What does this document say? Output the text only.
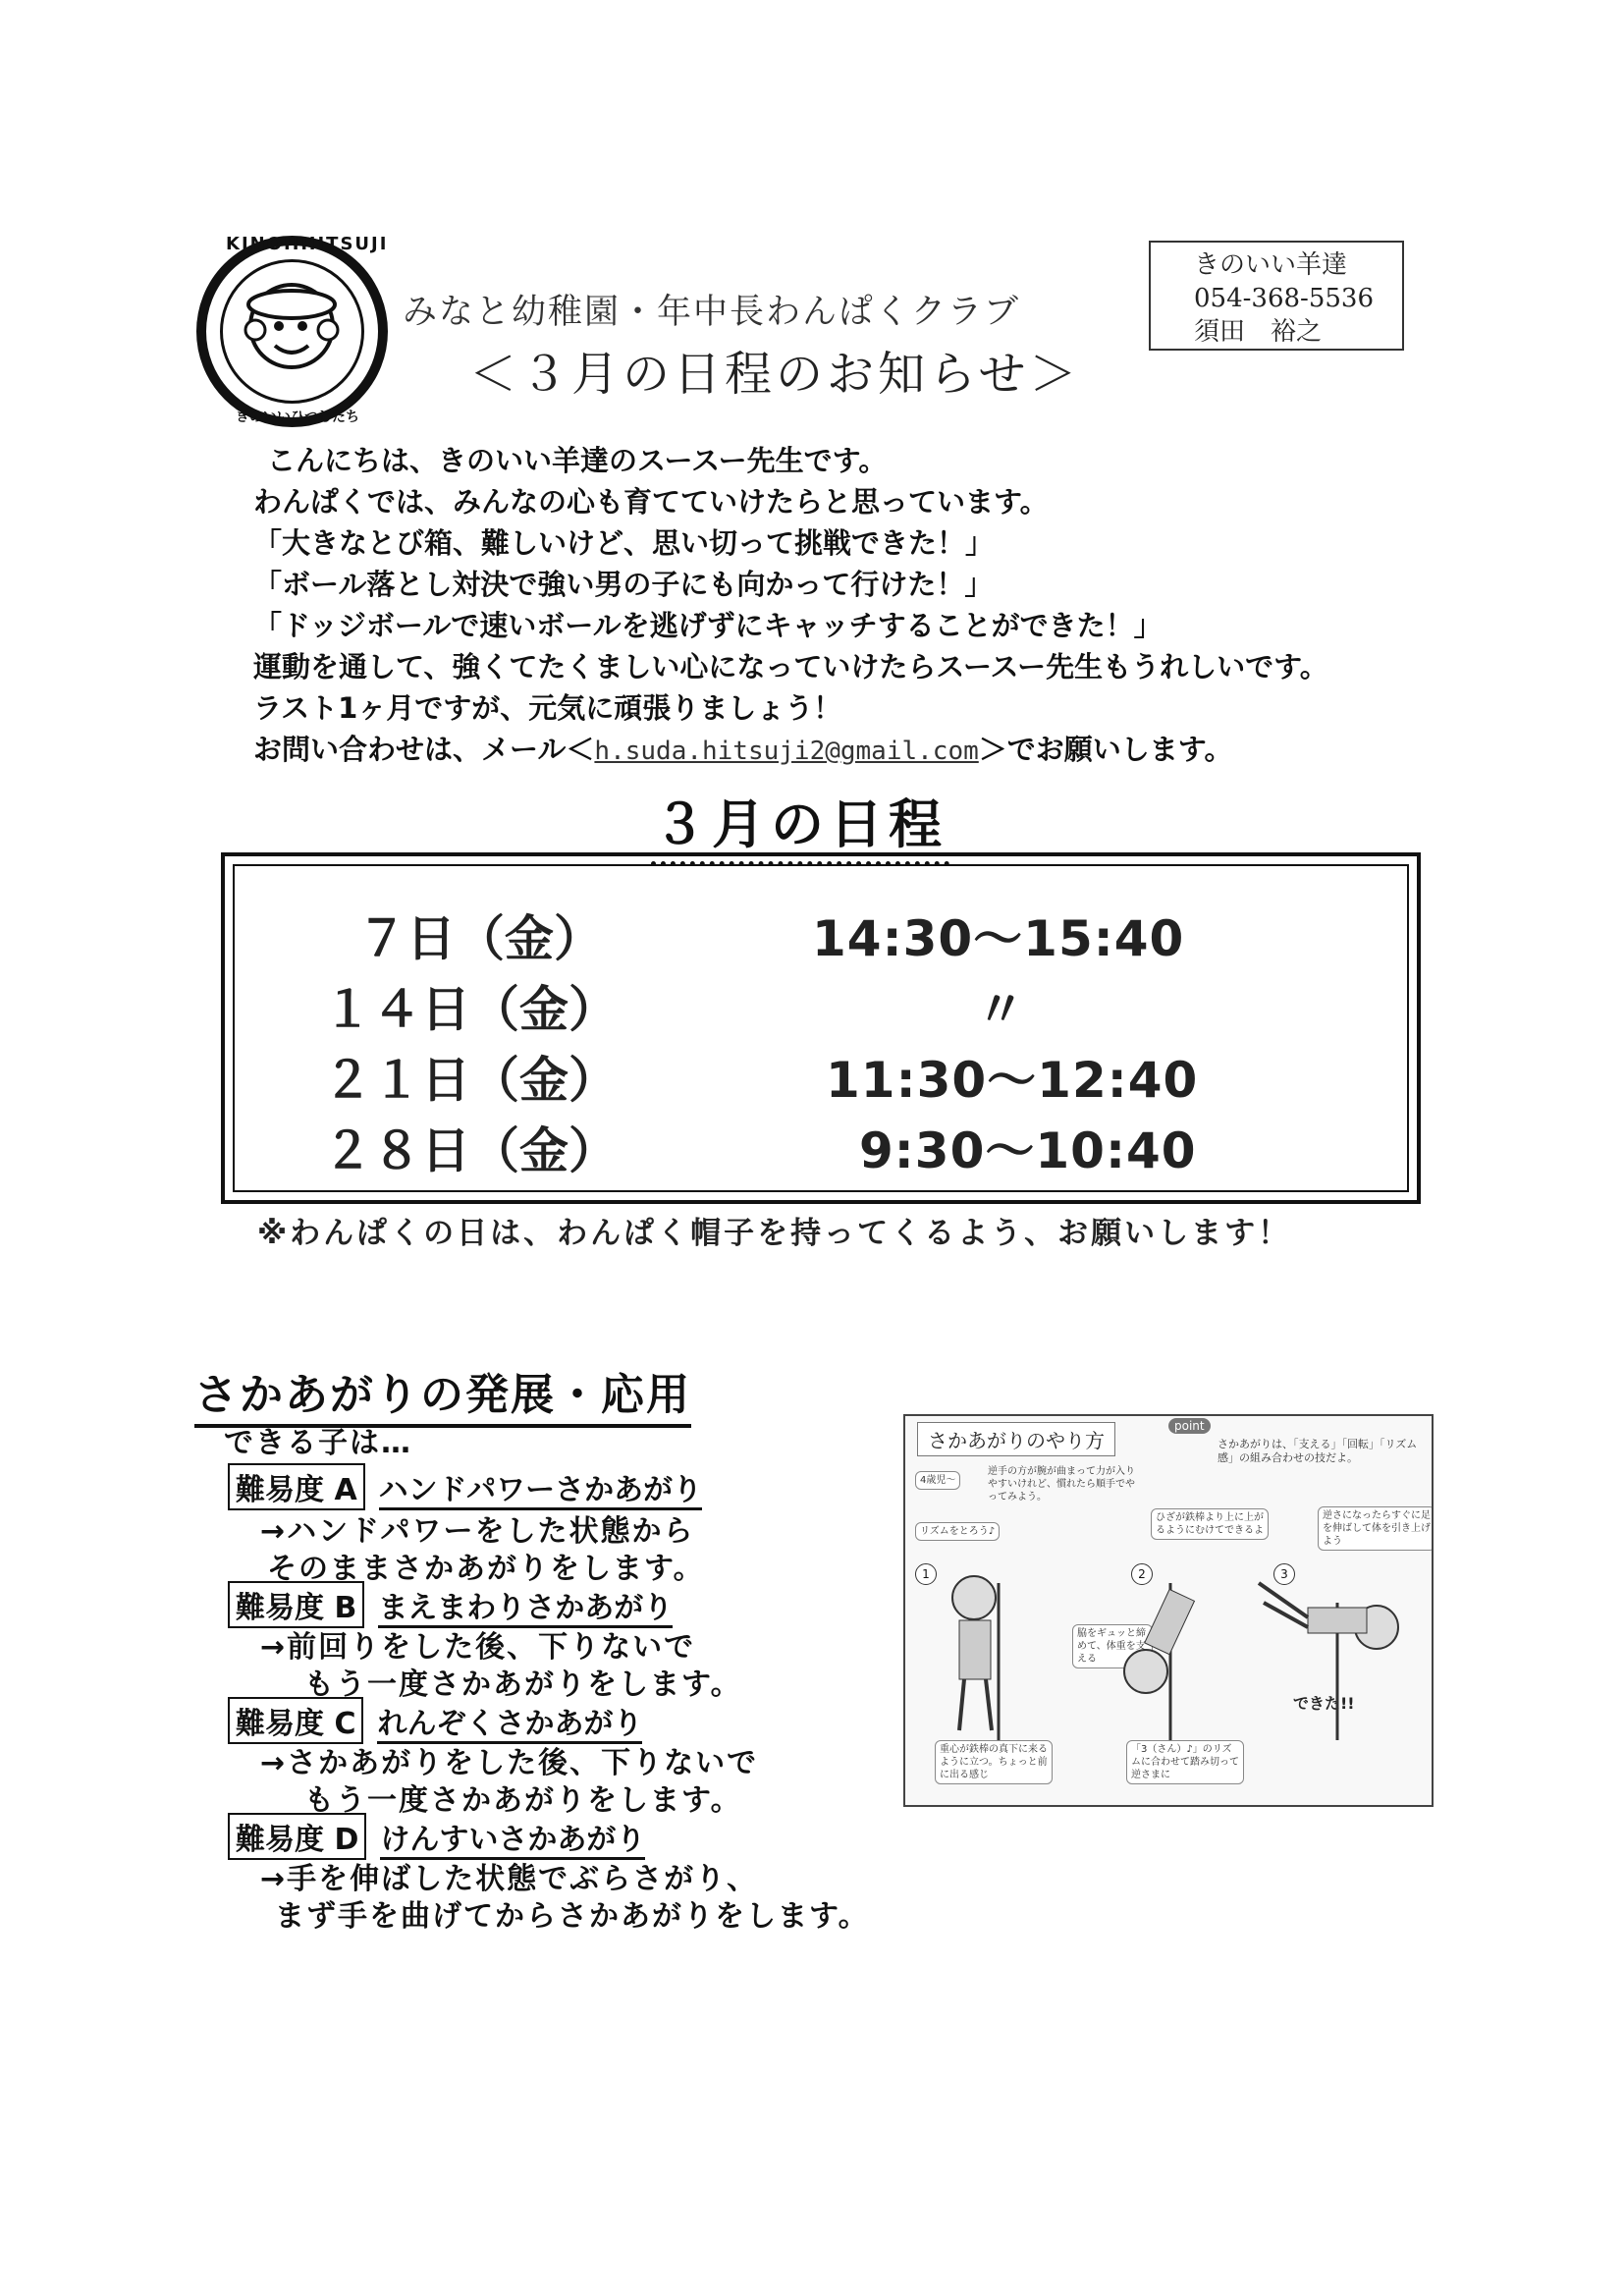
KINOIIHITSUJI
きのいいひつじたち
みなと幼稚園・年中長わんぱくクラブ
＜３月の日程のお知らせ＞
きのいい羊達
054-368-5536
須田　裕之

こんにちは、きのいい羊達のスースー先生です。

わんぱくでは、みんなの心も育てていけたらと思っています。

「大きなとび箱、難しいけど、思い切って挑戦できた！」

「ボール落とし対決で強い男の子にも向かって行けた！」

「ドッジボールで速いボールを逃げずにキャッチすることができた！」

運動を通して、強くてたくましい心になっていけたらスースー先生もうれしいです。

ラスト1ヶ月ですが、元気に頑張りましょう！

お問い合わせは、メール＜h.suda.hitsuji2@gmail.com＞でお願いします。

３月の日程
７日（金）	14:30〜15:40
１４日（金）	〃
２１日（金）	11:30〜12:40
２８日（金）	9:30〜10:40
※わんぱくの日は、わんぱく帽子を持ってくるよう、お願いします！
さかあがりの発展・応用
できる子は…
難易度 A ハンドパワーさかあがり
→ハンドパワーをした状態から
そのままさかあがりをします。
難易度 B まえまわりさかあがり
→前回りをした後、下りないで
もう一度さかあがりをします。
難易度 C れんぞくさかあがり
→さかあがりをした後、下りないで
もう一度さかあがりをします。
難易度 D けんすいさかあがり
→手を伸ばした状態でぶらさがり、
まず手を曲げてからさかあがりをします。
さかあがりのやり方
point
さかあがりは、「支える」「回転」「リズム感」の組み合わせの技だよ。
4歳児〜
逆手の方が腕が曲まって力が入りやすいけれど、慣れたら順手でやってみよう。
リズムをとろう♪
ひざが鉄棒より上に上がるようにむけてできるよ
逆さになったらすぐに足を伸ばして体を引き上げよう
1	2	3
脇をギュッと締めて、体重を支える
重心が鉄棒の真下に来るように立つ。ちょっと前に出る感じ
「3（さん）♪」のリズムに合わせて踏み切って逆さまに
できた!!
